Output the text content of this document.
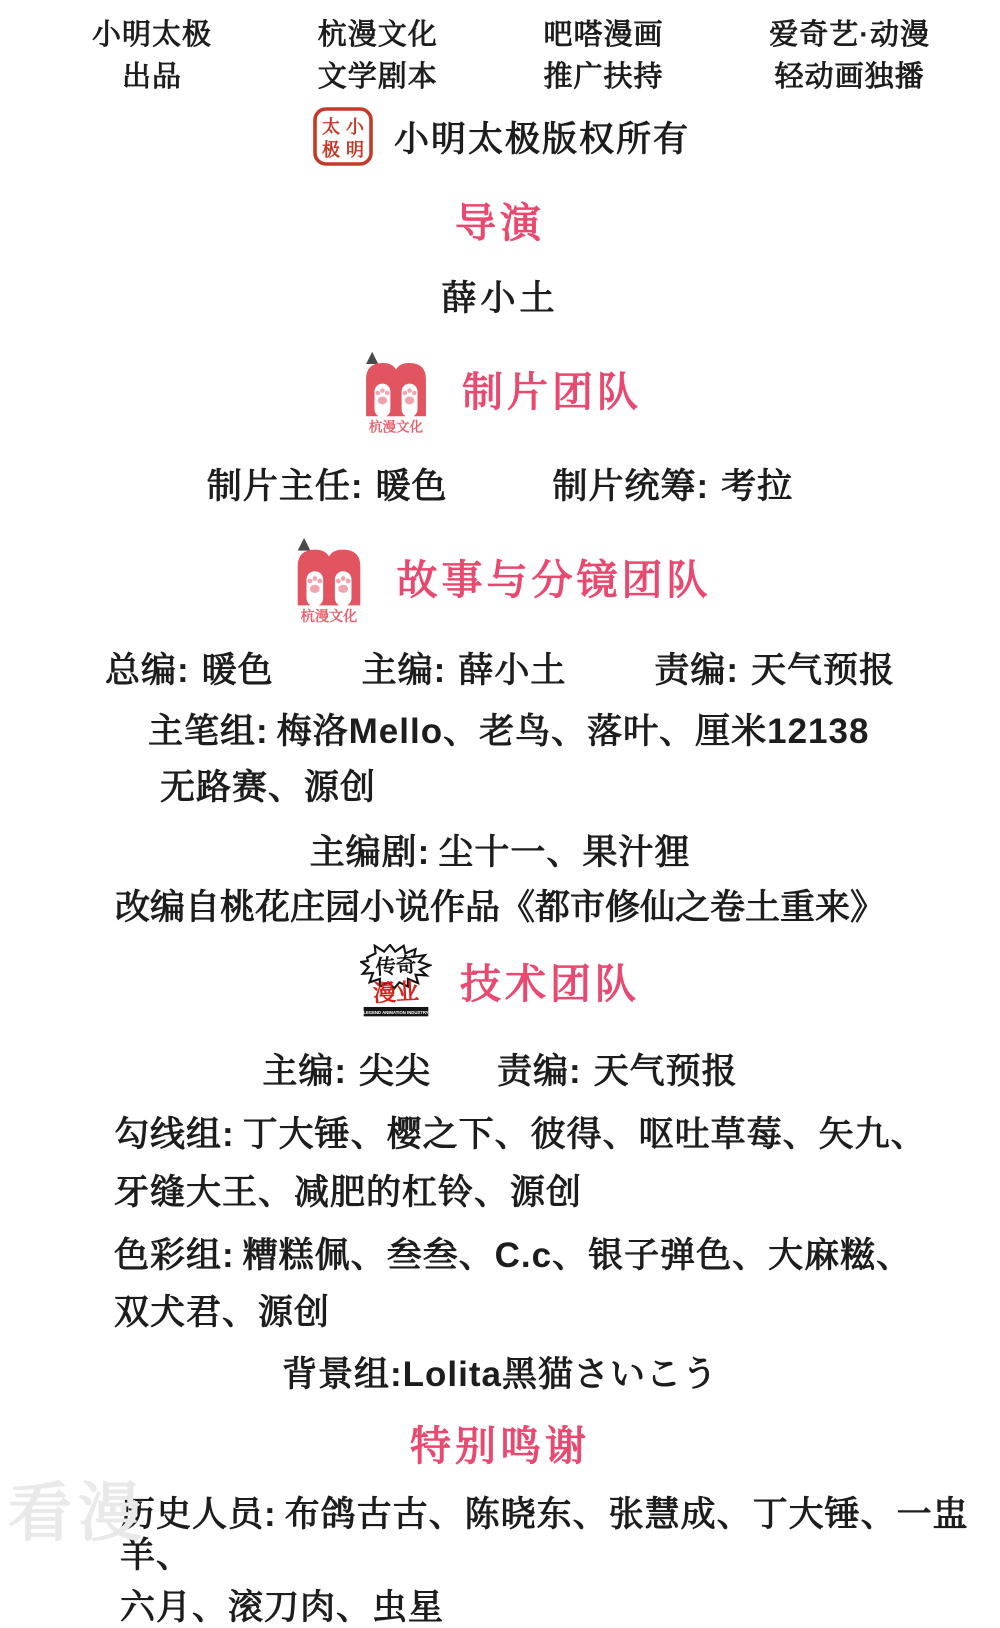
小明太极
出品
杭漫文化
文学剧本
吧嗒漫画
推广扶持
爱奇艺·动漫
轻动画独播
小
明
太
极 小明太极版权所有
导演
薛小土
杭漫文化
制片团队
制片主任: 暖色	制片统筹: 考拉
杭漫文化
故事与分镜团队
总编: 暖色	主编: 薛小土	责编: 天气预报
主笔组: 梅洛Mello、老鸟、落叶、厘米12138
无路赛、源创
主编剧: 尘十一、果汁狸
改编自桃花庄园小说作品《都市修仙之卷土重来》
传奇
漫业
LEGEND ANIMATION INDUSTRY
技术团队
主编: 尖尖 责编: 天气预报
勾线组: 丁大锤、樱之下、彼得、呕吐草莓、矢九、
牙缝大王、减肥的杠铃、源创
色彩组: 糟糕佩、叁叁、C.c、银子弹色、大麻糍、
双犬君、源创
背景组:Lolita黑猫さいこう
特别鸣谢
历史人员: 布鸽古古、陈晓东、张慧成、丁大锤、一盅羊、
六月、滚刀肉、虫星
看漫
